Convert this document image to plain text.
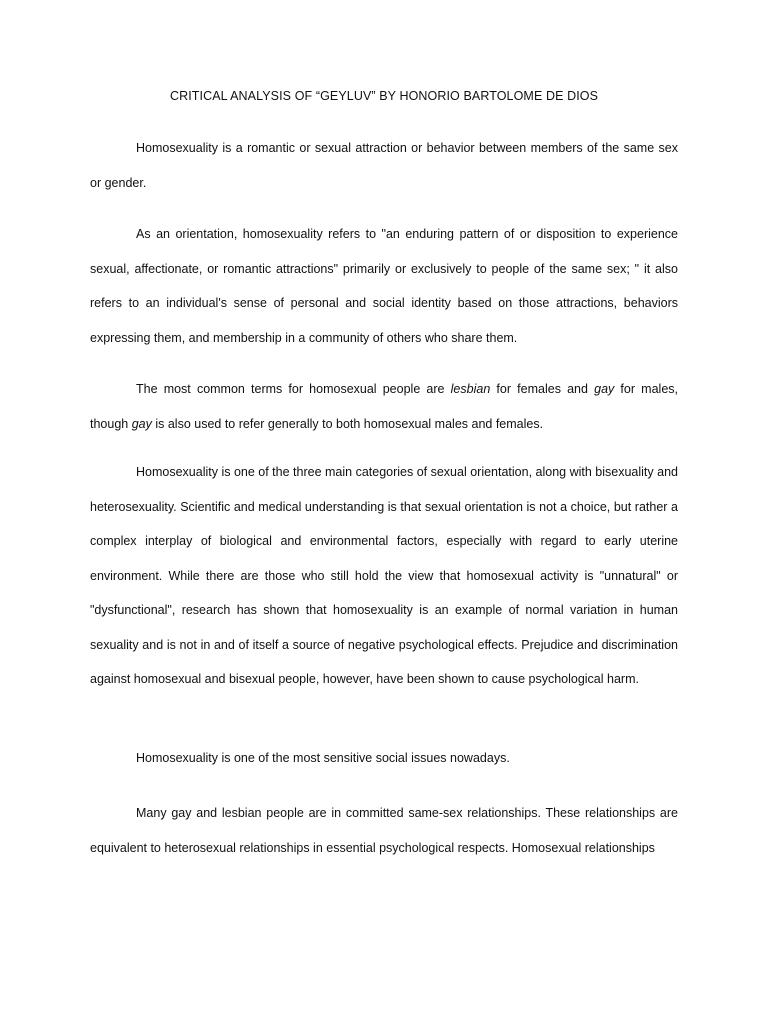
CRITICAL ANALYSIS OF “GEYLUV” BY HONORIO BARTOLOME DE DIOS

Homosexuality is a romantic or sexual attraction or behavior between members of the same sex or gender.

As an orientation, homosexuality refers to "an enduring pattern of or disposition to experience sexual, affectionate, or romantic attractions" primarily or exclusively to people of the same sex; " it also refers to an individual's sense of personal and social identity based on those attractions, behaviors expressing them, and membership in a community of others who share them.

The most common terms for homosexual people are lesbian for females and gay for males, though gay is also used to refer generally to both homosexual males and females.

Homosexuality is one of the three main categories of sexual orientation, along with bisexuality and heterosexuality. Scientific and medical understanding is that sexual orientation is not a choice, but rather a complex interplay of biological and environmental factors, especially with regard to early uterine environment. While there are those who still hold the view that homosexual activity is "unnatural" or "dysfunctional", research has shown that homosexuality is an example of normal variation in human sexuality and is not in and of itself a source of negative psychological effects. Prejudice and discrimination against homosexual and bisexual people, however, have been shown to cause psychological harm.

Homosexuality is one of the most sensitive social issues nowadays.

Many gay and lesbian people are in committed same-sex relationships. These relationships are equivalent to heterosexual relationships in essential psychological respects. Homosexual relationships
